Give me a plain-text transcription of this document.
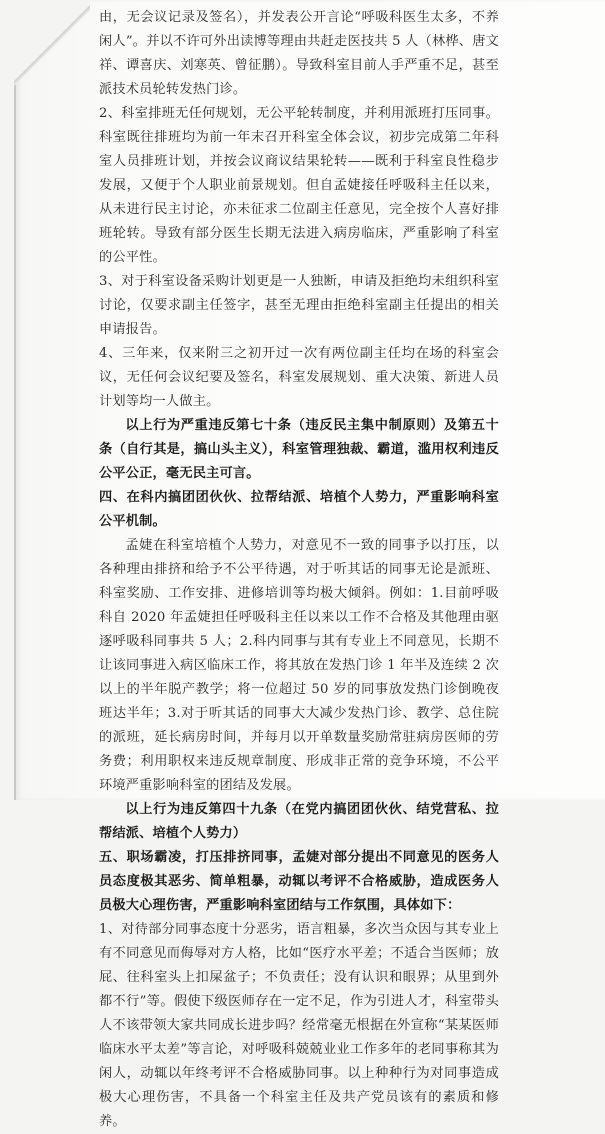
由，无会议记录及签名），并发表公开言论“呼吸科医生太多，不养闲人”。并以不许可外出读博等理由共赶走医技共 5 人（林桦、唐文祥、谭喜庆、刘寒英、曾征鹏）。导致科室目前人手严重不足，甚至派技术员轮转发热门诊。

2、科室排班无任何规划，无公平轮转制度，并利用派班打压同事。科室既往排班均为前一年末召开科室全体会议，初步完成第二年科室人员排班计划，并按会议商议结果轮转——既利于科室良性稳步发展，又便于个人职业前景规划。但自孟婕接任呼吸科主任以来，从未进行民主讨论，亦未征求二位副主任意见，完全按个人喜好排班轮转。导致有部分医生长期无法进入病房临床，严重影响了科室的公平性。

3、对于科室设备采购计划更是一人独断，申请及拒绝均未组织科室讨论，仅要求副主任签字，甚至无理由拒绝科室副主任提出的相关申请报告。

4、三年来，仅来附三之初开过一次有两位副主任均在场的科室会议，无任何会议纪要及签名，科室发展规划、重大决策、新进人员计划等均一人做主。

以上行为严重违反第七十条（违反民主集中制原则）及第五十条（自行其是，搞山头主义），科室管理独裁、霸道，滥用权利违反公平公正，毫无民主可言。

四、在科内搞团团伙伙、拉帮结派、培植个人势力，严重影响科室公平机制。

孟婕在科室培植个人势力，对意见不一致的同事予以打压，以各种理由排挤和给予不公平待遇，对于听其话的同事无论是派班、科室奖励、工作安排、进修培训等均极大倾斜。例如：1.目前呼吸科自 2020 年孟婕担任呼吸科主任以来以工作不合格及其他理由驱逐呼吸科同事共 5 人；2.科内同事与其有专业上不同意见，长期不让该同事进入病区临床工作，将其放在发热门诊 1 年半及连续 2 次以上的半年脱产教学；将一位超过 50 岁的同事放发热门诊倒晚夜班达半年；3.对于听其话的同事大大减少发热门诊、教学、总住院的派班，延长病房时间，并每月以开单数量奖励常驻病房医师的劳务费；利用职权来违反规章制度、形成非正常的竞争环境，不公平环境严重影响科室的团结及发展。

以上行为违反第四十九条（在党内搞团团伙伙、结党营私、拉帮结派、培植个人势力）

五、职场霸凌，打压排挤同事，孟婕对部分提出不同意见的医务人员态度极其恶劣、简单粗暴，动辄以考评不合格威胁，造成医务人员极大心理伤害，严重影响科室团结与工作氛围，具体如下：

1、对待部分同事态度十分恶劣，语言粗暴，多次当众因与其专业上有不同意见而侮辱对方人格，比如“医疗水平差；不适合当医师；放屁、往科室头上扣屎盆子；不负责任；没有认识和眼界；从里到外都不行”等。假使下级医师存在一定不足，作为引进人才，科室带头人不该带领大家共同成长进步吗？经常毫无根据在外宣称“某某医师临床水平太差”等言论，对呼吸科兢兢业业工作多年的老同事称其为闲人，动辄以年终考评不合格威胁同事。以上种种行为对同事造成极大心理伤害，不具备一个科室主任及共产党员该有的素质和修养。
